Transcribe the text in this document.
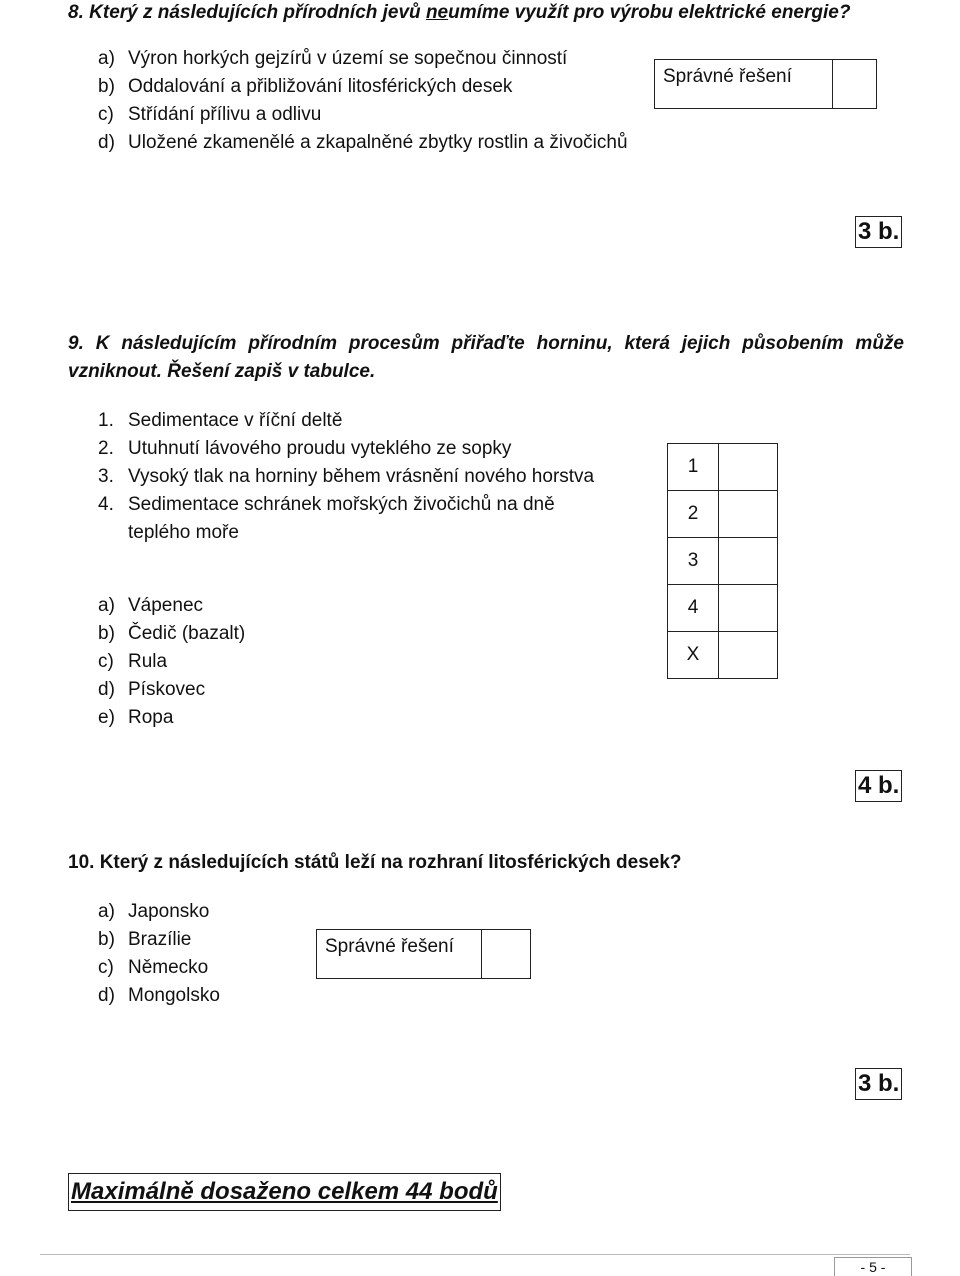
8. Který z následujících přírodních jevů neumíme využít pro výrobu elektrické energie?
a) Výron horkých gejzírů v území se sopečnou činností
b) Oddalování a přibližování litosférických desek
c) Střídání přílivu a odlivu
d) Uložené zkamenělé a zkapalněné zbytky rostlin a živočichů
Správné řešení
3 b.
9. K následujícím přírodním procesům přiřaďte horninu, která jejich působením může
vzniknout. Řešení zapiš v tabulce.
1. Sedimentace v říční deltě
2. Utuhnutí lávového proudu vyteklého ze sopky
3. Vysoký tlak na horniny během vrásnění nového horstva
4. Sedimentace schránek mořských živočichů na dně teplého moře
a) Vápenec
b) Čedič (bazalt)
c) Rula
d) Pískovec
e) Ropa
1	
2	
3	
4	
X	
4 b.
10. Který z následujících států leží na rozhraní litosférických desek?
a) Japonsko
b) Brazílie
c) Německo
d) Mongolsko
Správné řešení
3 b.
Maximálně dosaženo celkem 44 bodů
- 5 -
